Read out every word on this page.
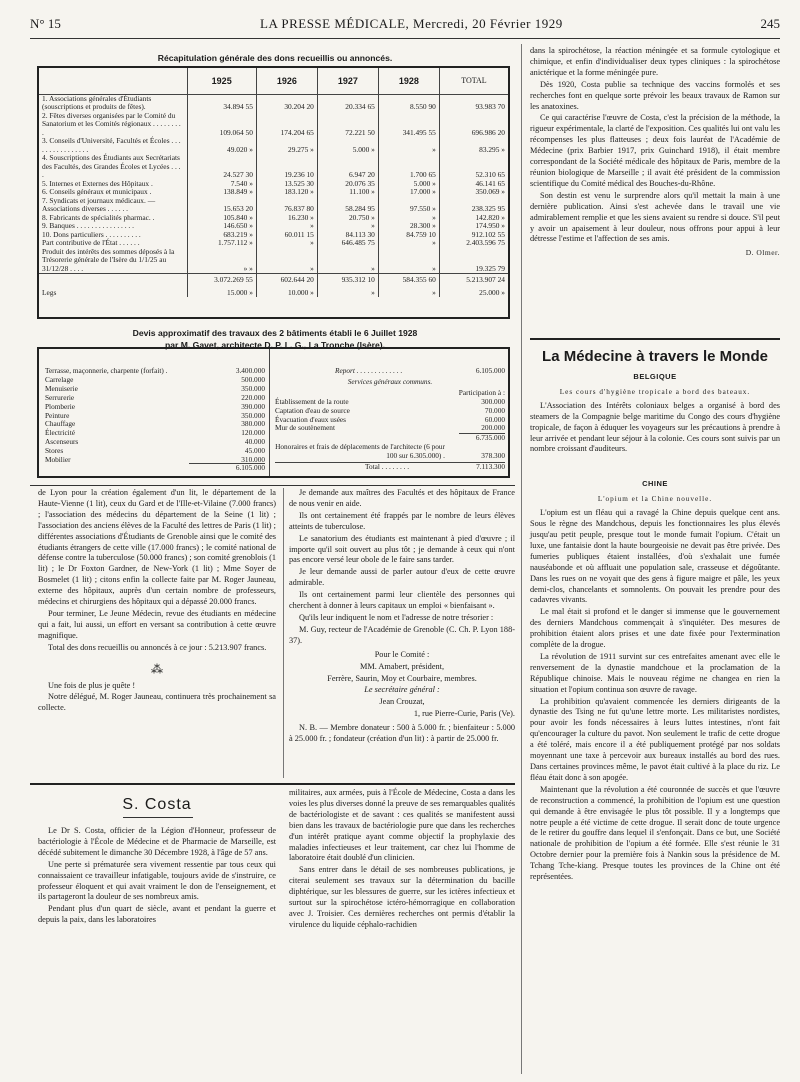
N° 15	LA PRESSE MÉDICALE, Mercredi, 20 Février 1929	245
Récapitulation générale des dons recueillis ou annoncés.
	1925	1926	1927	1928	TOTAL
1. Associations générales d'Étudiants (souscriptions et produits de fêtes).	34.894 55	30.204 20	20.334 65	8.550 90	93.983 70
2. Fêtes diverses organisées par le Comité du Sanatorium et les Comités régionaux . . . . . . . . .	109.064 50	174.204 65	72.221 50	341.495 55	696.986 20
3. Conseils d'Université, Facultés et Écoles . . . . . . . . . . . . . . . .	49.020 »	29.275 »	5.000 »	»	83.295 »
4. Souscriptions des Étudiants aux Secrétariats des Facultés, des Grandes Écoles et Lycées . . . .	24.527 30	19.236 10	6.947 20	1.700 65	52.310 65
5. Internes et Externes des Hôpitaux .	7.540 »	13.525 30	20.076 35	5.000 »	46.141 65
6. Conseils généraux et municipaux .	138.849 »	183.120 »	11.100 »	17.000 »	350.069 »
7. Syndicats et journaux médicaux. — Associations diverses . . . . . .	15.653 20	76.837 80	58.284 95	97.550 »	238.325 95
8. Fabricants de spécialités pharmac. .	105.840 »	16.230 »	20.750 »	»	142.820 »
9. Banques . . . . . . . . . . . . . . . .	146.650 »	»	»	28.300 »	174.950 »
10. Dons particuliers . . . . . . . . . .	683.219 »	60.011 15	84.113 30	84.759 10	912.102 55
Part contributive de l'État . . . . . .	1.757.112 »	»	646.485 75	»	2.403.596 75
Produit des intérêts des sommes déposés à la Trésorerie générale de l'Isère du 1/1/25 au 31/12/28 . . . .	» »	»	»	»	19.325 79
	3.072.269 55	602.644 20	935.312 10	584.355 60	5.213.907 24
Legs	15.000 »	10.000 »	»	»	25.000 »
Devis approximatif des travaux des 2 bâtiments établi le 6 Juillet 1928
par M. Gavet, architecte D. P. L. G., La Tronche (Isère).
Terrasse, maçonnerie, charpente (forfait) .	3.400.000
Carrelage	500.000
Menuiserie	350.000
Serrurerie	220.000
Plomberie	390.000
Peinture	350.000
Chauffage	380.000
Électricité	120.000
Ascenseurs	40.000
Stores	45.000
Mobilier	310.000
Report . . . . . . . . . . . . .	6.105.000
Services généraux communs.
Participation à :
Établissement de la route	300.000
Captation d'eau de source	70.000
Évacuation d'eaux usées	60.000
Mur de soutènement	200.000
6.735.000
Honoraires et frais de déplacements de l'architecte (6 pour 100 sur 6.305.000) .	378.300
Total . . . . . . . .	7.113.300
6.105.000

de Lyon pour la création également d'un lit, le département de la Haute-Vienne (1 lit), ceux du Gard et de l'Ille-et-Vilaine (7.000 francs) ; l'association des médecins du département de la Seine (1 lit) ; l'association des anciens élèves de la Faculté des lettres de Paris (1 lit) ; différentes associations d'Étudiants de Grenoble ainsi que le comité des étudiants étrangers de cette ville (17.000 francs) ; le comité national de défense contre la tuberculose (50.000 francs) ; son comité grenoblois (1 lit) ; le Dr Foxton Gardner, de New-York (1 lit) ; Mme Soyer de Bosmelet (1 lit) ; citons enfin la collecte faite par M. Roger Jauneau, externe des hôpitaux, auprès d'un certain nombre de professeurs, médecins et chirurgiens des hôpitaux qui a dépassé 20.000 francs.

Pour terminer, Le Jeune Médecin, revue des étudiants en médecine qui a fait, lui aussi, un effort en versant sa contribution à cette œuvre magnifique.

Total des dons recueillis ou annoncés à ce jour : 5.213.907 francs.

⁂

Une fois de plus je quête !

Notre délégué, M. Roger Jauneau, continuera très prochainement sa collecte.

Je demande aux maîtres des Facultés et des hôpitaux de France de nous venir en aide.

Ils ont certainement été frappés par le nombre de leurs élèves atteints de tuberculose.

Le sanatorium des étudiants est maintenant à pied d'œuvre ; il importe qu'il soit ouvert au plus tôt ; je demande à ceux qui n'ont pas encore versé leur obole de le faire sans tarder.

Je leur demande aussi de parler autour d'eux de cette œuvre admirable.

Ils ont certainement parmi leur clientèle des personnes qui cherchent à donner à leurs capitaux un emploi « bienfaisant ».

Qu'ils leur indiquent le nom et l'adresse de notre trésorier :

M. Guy, recteur de l'Académie de Grenoble (C. Ch. P. Lyon 188-37).

Pour le Comité :

MM. Amabert, président,

Ferrère, Saurin, Moy et Courbaire, membres.

Le secrétaire général :

Jean Crouzat,

1, rue Pierre-Curie, Paris (Ve).

N. B. — Membre donateur : 500 à 5.000 fr. ; bienfaiteur : 5.000 à 25.000 fr. ; fondateur (création d'un lit) : à partir de 25.000 fr.

S. Costa

Le Dr S. Costa, officier de la Légion d'Honneur, professeur de bactériologie à l'École de Médecine et de Pharmacie de Marseille, est décédé subitement le dimanche 30 Décembre 1928, à l'âge de 57 ans.

Une perte si prématurée sera vivement ressentie par tous ceux qui connaissaient ce travailleur infatigable, toujours avide de s'instruire, ce professeur éloquent et qui avait vraiment le don de l'enseignement, et ils partageront la douleur de ses nombreux amis.

Pendant plus d'un quart de siècle, avant et pendant la guerre et depuis la paix, dans les laboratoires

militaires, aux armées, puis à l'École de Médecine, Costa a dans les voies les plus diverses donné la preuve de ses remarquables qualités de bactériologiste et de savant : ces qualités se manifestent aussi bien dans les travaux de bactériologie pure que dans les recherches d'un intérêt pratique ayant comme objectif la prophylaxie des maladies infectieuses et leur traitement, car chez lui l'homme de laboratoire était doublé d'un clinicien.

Sans entrer dans le détail de ses nombreuses publications, je citerai seulement ses travaux sur la détermination du bacille diphtérique, sur les blessures de guerre, sur les ictères infectieux et surtout sur la spirochétose ictéro-hémorragique en collaboration avec J. Troisier. Ces dernières recherches ont permis d'établir la virulence du liquide céphalo-rachidien

dans la spirochétose, la réaction méningée et sa formule cytologique et chimique, et enfin d'individualiser deux types cliniques : la spirochétose anictérique et la forme méningée pure.

Dès 1920, Costa publie sa technique des vaccins formolés et ses recherches font en quelque sorte prévoir les beaux travaux de Ramon sur les anatoxines.

Ce qui caractérise l'œuvre de Costa, c'est la précision de la méthode, la rigueur expérimentale, la clarté de l'exposition. Ces qualités lui ont valu les récompenses les plus flatteuses ; deux fois lauréat de l'Académie de Médecine (prix Barbier 1917, prix Guinchard 1918), il était membre correspondant de la Société médicale des hôpitaux de Paris, membre de la réunion biologique de Marseille ; il avait été président de la commission scientifique du Comité médical des Bouches-du-Rhône.

Son destin est venu le surprendre alors qu'il mettait la main à une dernière publication. Ainsi s'est achevée dans le travail une vie admirablement remplie et que les siens avaient su rendre si douce. S'il peut y avoir un apaisement à leur douleur, nous offrons pour appui à leur détresse l'estime et l'affection de ses amis.

D. Olmer.

La Médecine à travers le Monde
BELGIQUE
Les cours d'hygiène tropicale a bord des bateaux.

L'Association des Intérêts coloniaux belges a organisé à bord des steamers de la Compagnie belge maritime du Congo des cours d'hygiène tropicale, de façon à éduquer les voyageurs sur les précautions à prendre à leur arrivée et pendant leur séjour à la colonie. Ces cours sont suivis par un nombre croissant d'auditeurs.

CHINE
L'opium et la Chine nouvelle.

L'opium est un fléau qui a ravagé la Chine depuis quelque cent ans. Sous le règne des Mandchous, depuis les fonctionnaires les plus élevés jusqu'au petit peuple, presque tout le monde fumait l'opium. C'était un luxe, une fantaisie dont la haute bourgeoisie ne devait pas être privée. Des fumeries publiques étaient installées, d'où s'exhalait une fumée nauséabonde et où affluait une population sale, crasseuse et dégoûtante. Dans les rues on ne voyait que des gens à figure maigre et pâle, les yeux demi-clos, chancelants et somnolents. On pouvait les prendre pour des cadavres vivants.

Le mal était si profond et le danger si immense que le gouvernement des derniers Mandchous commençait à s'inquiéter. Des mesures de prohibition étaient alors prises et une date fixée pour l'extermination complète de la drogue.

La révolution de 1911 survint sur ces entrefaites amenant avec elle le renversement de la dynastie mandchoue et la proclamation de la République chinoise. Mais le nouveau régime ne changea en rien la situation et l'opium continua son œuvre de ravage.

La prohibition qu'avaient commencée les derniers dirigeants de la dynastie des Tsing ne fut qu'une lettre morte. Les militaristes nordistes, pour avoir les fonds nécessaires à leurs luttes intestines, n'ont fait qu'encourager la culture du pavot. Non seulement le trafic de cette drogue a été toléré, mais encore il a été publiquement protégé par nos soldats moyennant une taxe à percevoir aux bureaux installés au bord des rues. Dans certaines provinces même, le pavot était cultivé à la place du riz. Le fléau était donc à son apogée.

Maintenant que la révolution a été couronnée de succès et que l'œuvre de reconstruction a commencé, la prohibition de l'opium est une question qui demande à être envisagée le plus tôt possible. Il y a longtemps que notre peuple a été victime de cette drogue. Il serait donc de toute urgence de le retirer du gouffre dans lequel il s'enfonçait. Dans ce but, une Société nationale de prohibition de l'opium a été formée. Elle s'est réunie le 31 Octobre dernier pour la première fois à Nankin sous la présidence de M. Tchang Tche-kiang. Presque toutes les provinces de la Chine ont été représentées.
